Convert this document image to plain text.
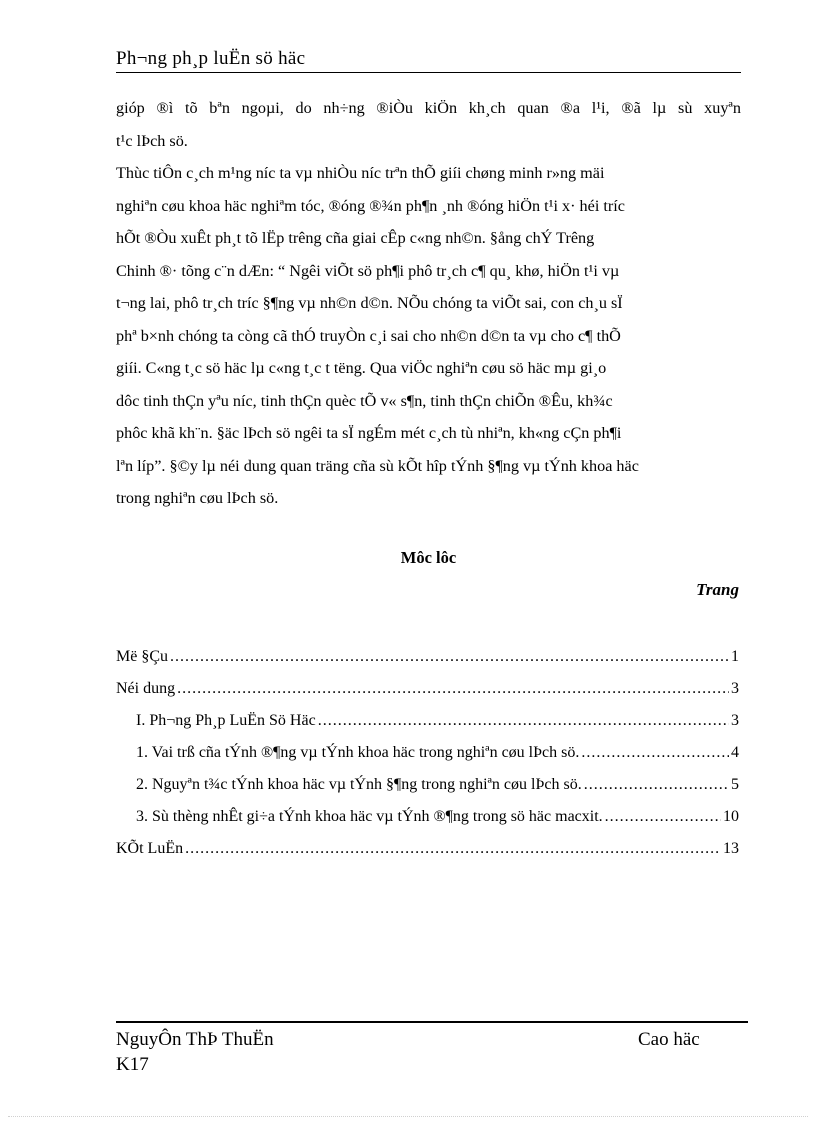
Ph¬ng ph¸p luËn sö häc

gióp ®ì tõ bªn ngoµi, do nh÷ng ®iÒu kiÖn kh¸ch quan ®a l¹i, ®ã lµ sù xuyªn
t¹c lÞch sö.

Thùc tiÔn c¸ch m¹ng níc ta vµ nhiÒu níc trªn thÕ giíi chøng minh r»ng mäi
nghiªn cøu khoa häc nghiªm tóc, ®óng ®¾n ph¶n ¸nh ®óng hiÖn t¹i x· héi tríc
hÕt ®Òu xuÊt ph¸t tõ lËp trêng cña giai cÊp c«ng nh©n. §ång chÝ Trêng
Chinh ®· tõng c¨n dÆn: “ Ngêi viÕt sö ph¶i phô tr¸ch c¶ qu¸ khø, hiÖn t¹i vµ
t¬ng lai, phô tr¸ch tríc §¶ng vµ nh©n d©n. NÕu chóng ta viÕt sai, con ch¸u sÏ
phª b×nh chóng ta còng cã thÓ truyÒn c¸i sai cho nh©n d©n ta vµ cho c¶ thÕ
giíi. C«ng t¸c sö häc lµ c«ng t¸c t tëng. Qua viÖc nghiªn cøu sö häc mµ gi¸o
dôc tinh thÇn yªu níc, tinh thÇn quèc tÕ v« s¶n, tinh thÇn chiÕn ®Êu, kh¾c
phôc khã kh¨n. §äc lÞch sö ngêi ta sÏ ngÉm mét c¸ch tù nhiªn, kh«ng cÇn ph¶i
lªn líp”. §©y lµ néi dung quan träng cña sù kÕt hîp tÝnh §¶ng vµ tÝnh khoa häc
trong nghiªn cøu lÞch sö.

Môc lôc
Trang
Më §Çu .....	1
Néi dung .....	3
I. Ph¬ng Ph¸p LuËn Sö Häc .....	3
1. Vai trß cña tÝnh ®¶ng vµ tÝnh khoa häc trong nghiªn cøu lÞch sö. .....	4
2. Nguyªn t¾c tÝnh khoa häc vµ tÝnh §¶ng trong nghiªn cøu lÞch sö. .....	5
3. Sù thèng nhÊt gi÷a tÝnh khoa häc vµ tÝnh ®¶ng trong sö häc macxit. .....	10
KÕt LuËn .....	13
NguyÔn ThÞ ThuËn
K17
Cao häc
